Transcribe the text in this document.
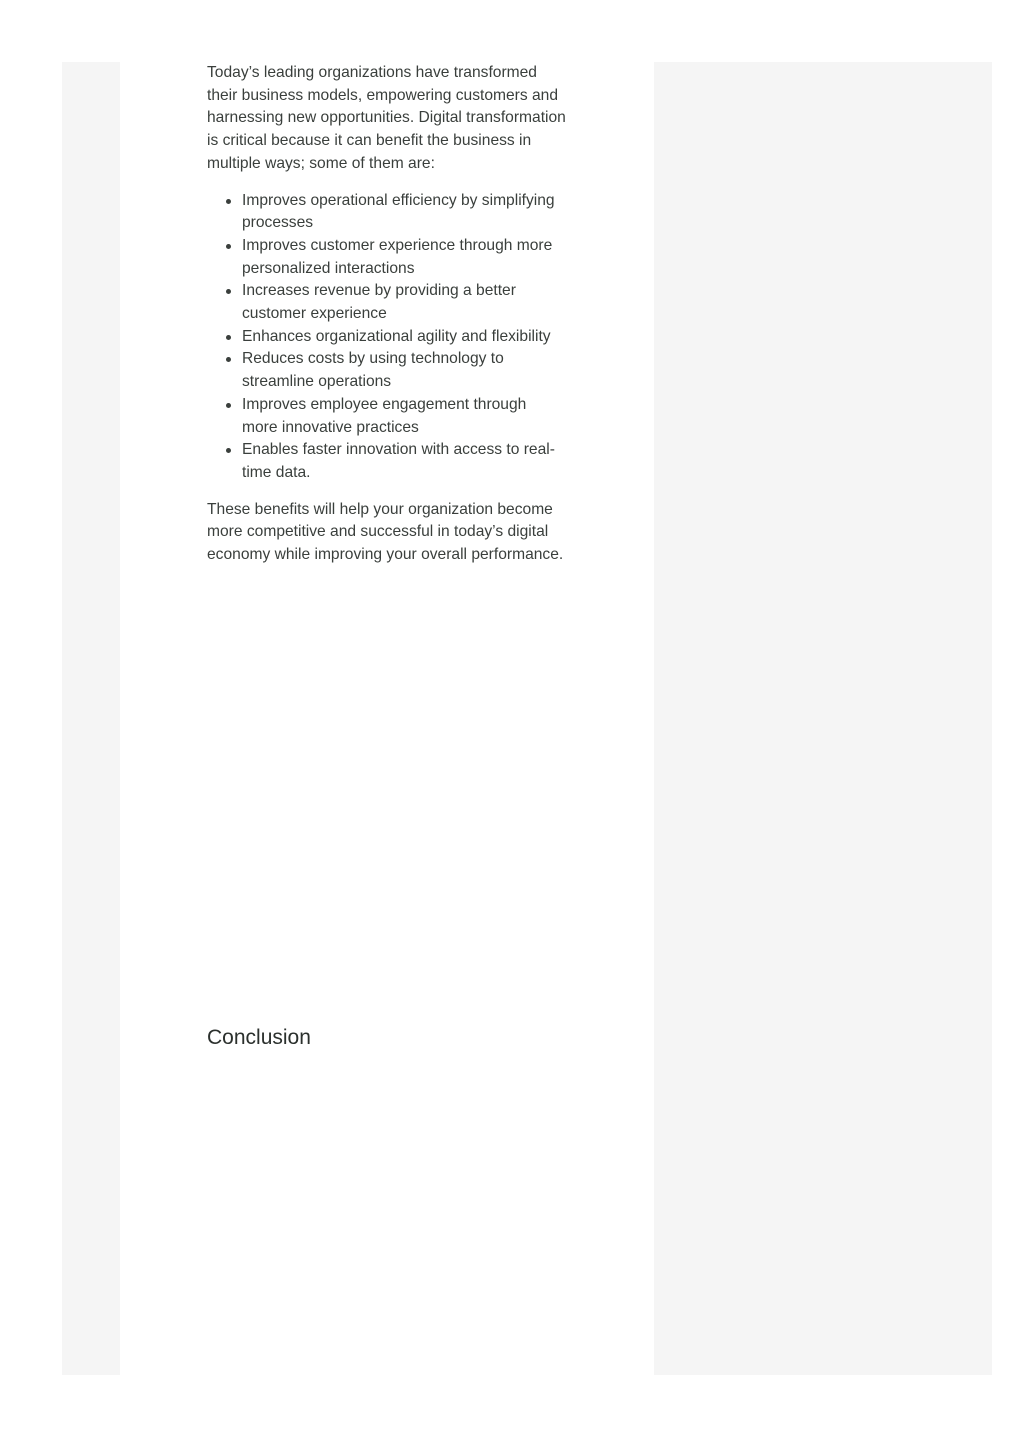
Today’s leading organizations have transformed their business models, empowering customers and harnessing new opportunities. Digital transformation is critical because it can benefit the business in multiple ways; some of them are:

Improves operational efficiency by simplifying processes
Improves customer experience through more personalized interactions
Increases revenue by providing a better customer experience
Enhances organizational agility and flexibility
Reduces costs by using technology to streamline operations
Improves employee engagement through more innovative practices
Enables faster innovation with access to real-time data.

These benefits will help your organization become more competitive and successful in today’s digital economy while improving your overall performance.

Conclusion
